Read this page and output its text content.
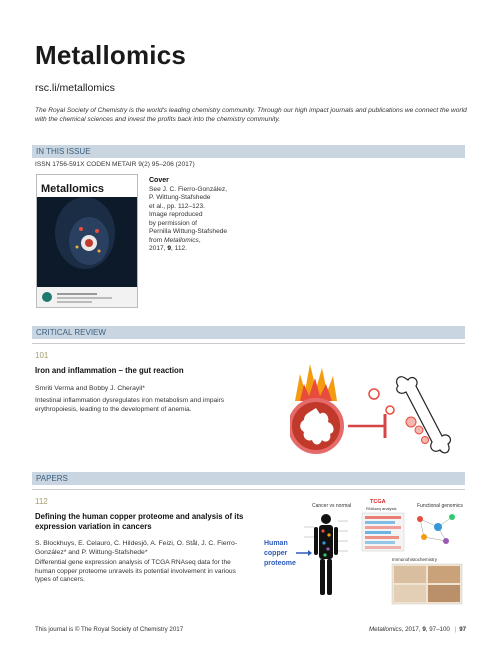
Metallomics
rsc.li/metallomics
The Royal Society of Chemistry is the world's leading chemistry community. Through our high impact journals and publications we connect the world with the chemical sciences and invest the profits back into the chemistry community.
IN THIS ISSUE
ISSN 1756-591X CODEN METAIR 9(2) 95–206 (2017)
Metallomics
Cover
See J. C. Fierro-González,
P. Wittung-Stafshede
et al., pp. 112–123.
Image reproduced
by permission of
Pernilla Wittung-Stafshede
from Metallomics,
2017, 9, 112.
CRITICAL REVIEW
101
Iron and inflammation – the gut reaction
Smriti Verma and Bobby J. Cherayil*
Intestinal inflammation dysregulates iron metabolism and impairs erythropoiesis, leading to the development of anemia.
PAPERS
112
Defining the human copper proteome and analysis of its expression variation in cancers
S. Blockhuys, E. Celauro, C. Hildesjö, A. Feizi, O. Stål, J. C. Fierro-González* and P. Wittung-Stafshede*
Differential gene expression analysis of TCGA RNAseq data for the human copper proteome unravels its potential involvement in various types of cancers.
Cancer vs normal
TCGA
RNAseq analysis	Functional genomics
Human
copper
proteome
Immunohistochemistry
This journal is © The Royal Society of Chemistry 2017	Metallomics, 2017, 9, 97–100 | 97
